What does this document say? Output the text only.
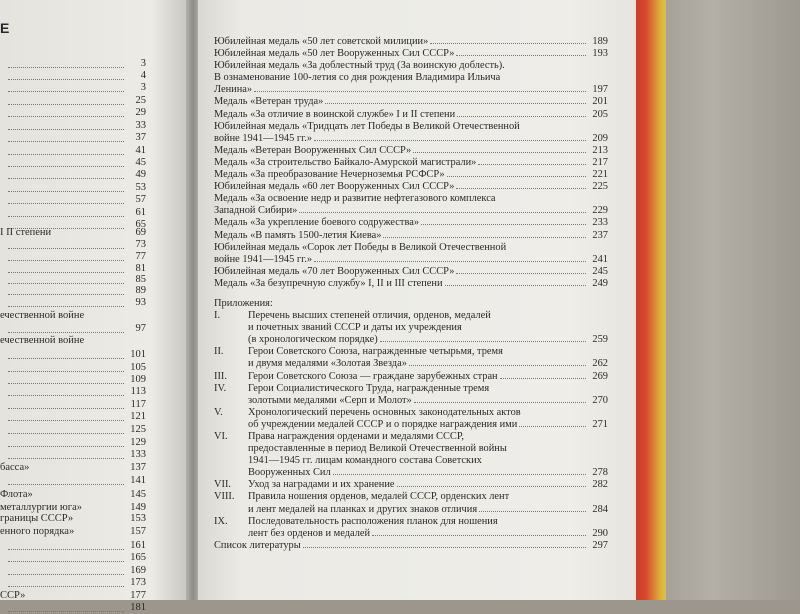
Е
3
4
3
25
29
33
37
41
45
49
53
57
61
65
I II степени	69
73
77
81
85
89
93
ечественной войне
97
ечественной войне
101
105
109
113
117
121
125
129
133
басса»	137
141
Флота»	145
металлургии юга»	149
границы СССР»	153
енного порядка»	157
161
165
169
173
ССР»	177
181
Юбилейная медаль «50 лет советской милиции»	189
Юбилейная медаль «50 лет Вооруженных Сил СССР»	193
Юбилейная медаль «За доблестный труд (За воинскую доблесть).
В ознаменование 100-летия со дня рождения Владимира Ильича
Ленина»	197
Медаль «Ветеран труда»	201
Медаль «За отличие в воинской службе» I и II степени	205
Юбилейная медаль «Тридцать лет Победы в Великой Отечественной
войне 1941—1945 гг.»	209
Медаль «Ветеран Вооруженных Сил СССР»	213
Медаль «За строительство Байкало-Амурской магистрали»	217
Медаль «За преобразование Нечерноземья РСФСР»	221
Юбилейная медаль «60 лет Вооруженных Сил СССР»	225
Медаль «За освоение недр и развитие нефтегазового комплекса
Западной Сибири»	229
Медаль «За укрепление боевого содружества»	233
Медаль «В память 1500-летия Киева»	237
Юбилейная медаль «Сорок лет Победы в Великой Отечественной
войне 1941—1945 гг.»	241
Юбилейная медаль «70 лет Вооруженных Сил СССР»	245
Медаль «За безупречную службу» I, II и III степени	249
Приложения:
I.	Перечень высших степеней отличия, орденов, медалей
и почетных званий СССР и даты их учреждения
(в хронологическом порядке)	259
II.	Герои Советского Союза, награжденные четырьмя, тремя
и двумя медалями «Золотая Звезда»	262
III.	Герои Советского Союза — граждане зарубежных стран	269
IV.	Герои Социалистического Труда, награжденные тремя
золотыми медалями «Серп и Молот»	270
V.	Хронологический перечень основных законодательных актов
об учреждении медалей СССР и о порядке награждения ими	271
VI.	Права награждения орденами и медалями СССР,
предоставленные в период Великой Отечественной войны
1941—1945 гг. лицам командного состава Советских
Вооруженных Сил	278
VII.	Уход за наградами и их хранение	282
VIII.	Правила ношения орденов, медалей СССР, орденских лент
и лент медалей на планках и других знаков отличия	284
IX.	Последовательность расположения планок для ношения
лент без орденов и медалей	290
Список литературы	297
